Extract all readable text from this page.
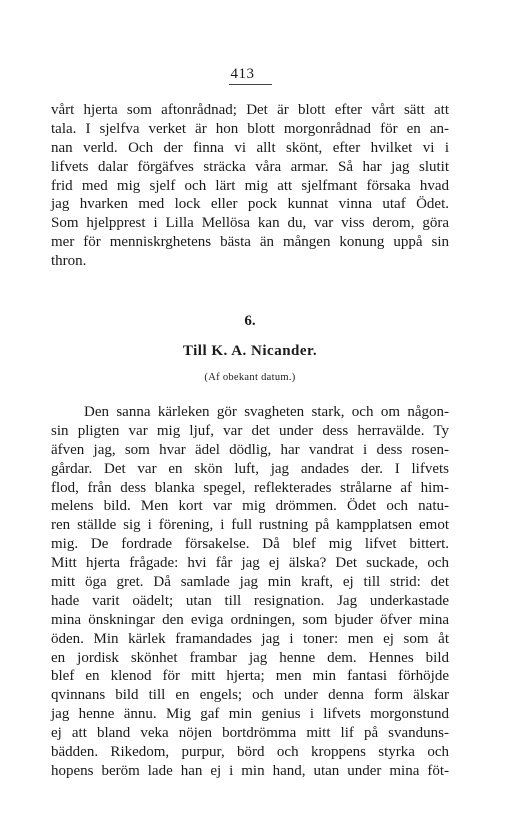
413
vårt hjerta som aftonrådnad; Det är blott efter vårt sätt att
tala. I sjelfva verket är hon blott morgonrådnad för en an-
nan verld. Och der finna vi allt skönt, efter hvilket vi i
lifvets dalar förgäfves sträcka våra armar. Så har jag slutit
frid med mig sjelf och lärt mig att sjelfmant försaka hvad
jag hvarken med lock eller pock kunnat vinna utaf Ödet.
Som hjelpprest i Lilla Mellösa kan du, var viss derom, göra
mer för menniskrghetens bästa än mången konung uppå sin
thron.
6.
Till K. A. Nicander.
(Af obekant datum.)
Den sanna kärleken gör svagheten stark, och om någon-
sin pligten var mig ljuf, var det under dess herravälde. Ty
äfven jag, som hvar ädel dödlig, har vandrat i dess rosen-
gårdar. Det var en skön luft, jag andades der. I lifvets
flod, från dess blanka spegel, reflekterades strålarne af him-
melens bild. Men kort var mig drömmen. Ödet och natu-
ren ställde sig i förening, i full rustning på kampplatsen emot
mig. De fordrade försakelse. Då blef mig lifvet bittert.
Mitt hjerta frågade: hvi får jag ej älska? Det suckade, och
mitt öga gret. Då samlade jag min kraft, ej till strid: det
hade varit oädelt; utan till resignation. Jag underkastade
mina önskningar den eviga ordningen, som bjuder öfver mina
öden. Min kärlek framandades jag i toner: men ej som åt
en jordisk skönhet frambar jag henne dem. Hennes bild
blef en klenod för mitt hjerta; men min fantasi förhöjde
qvinnans bild till en engels; och under denna form älskar
jag henne ännu. Mig gaf min genius i lifvets morgonstund
ej att bland veka nöjen bortdrömma mitt lif på svanduns-
bädden. Rikedom, purpur, börd och kroppens styrka och
hopens beröm lade han ej i min hand, utan under mina föt-
